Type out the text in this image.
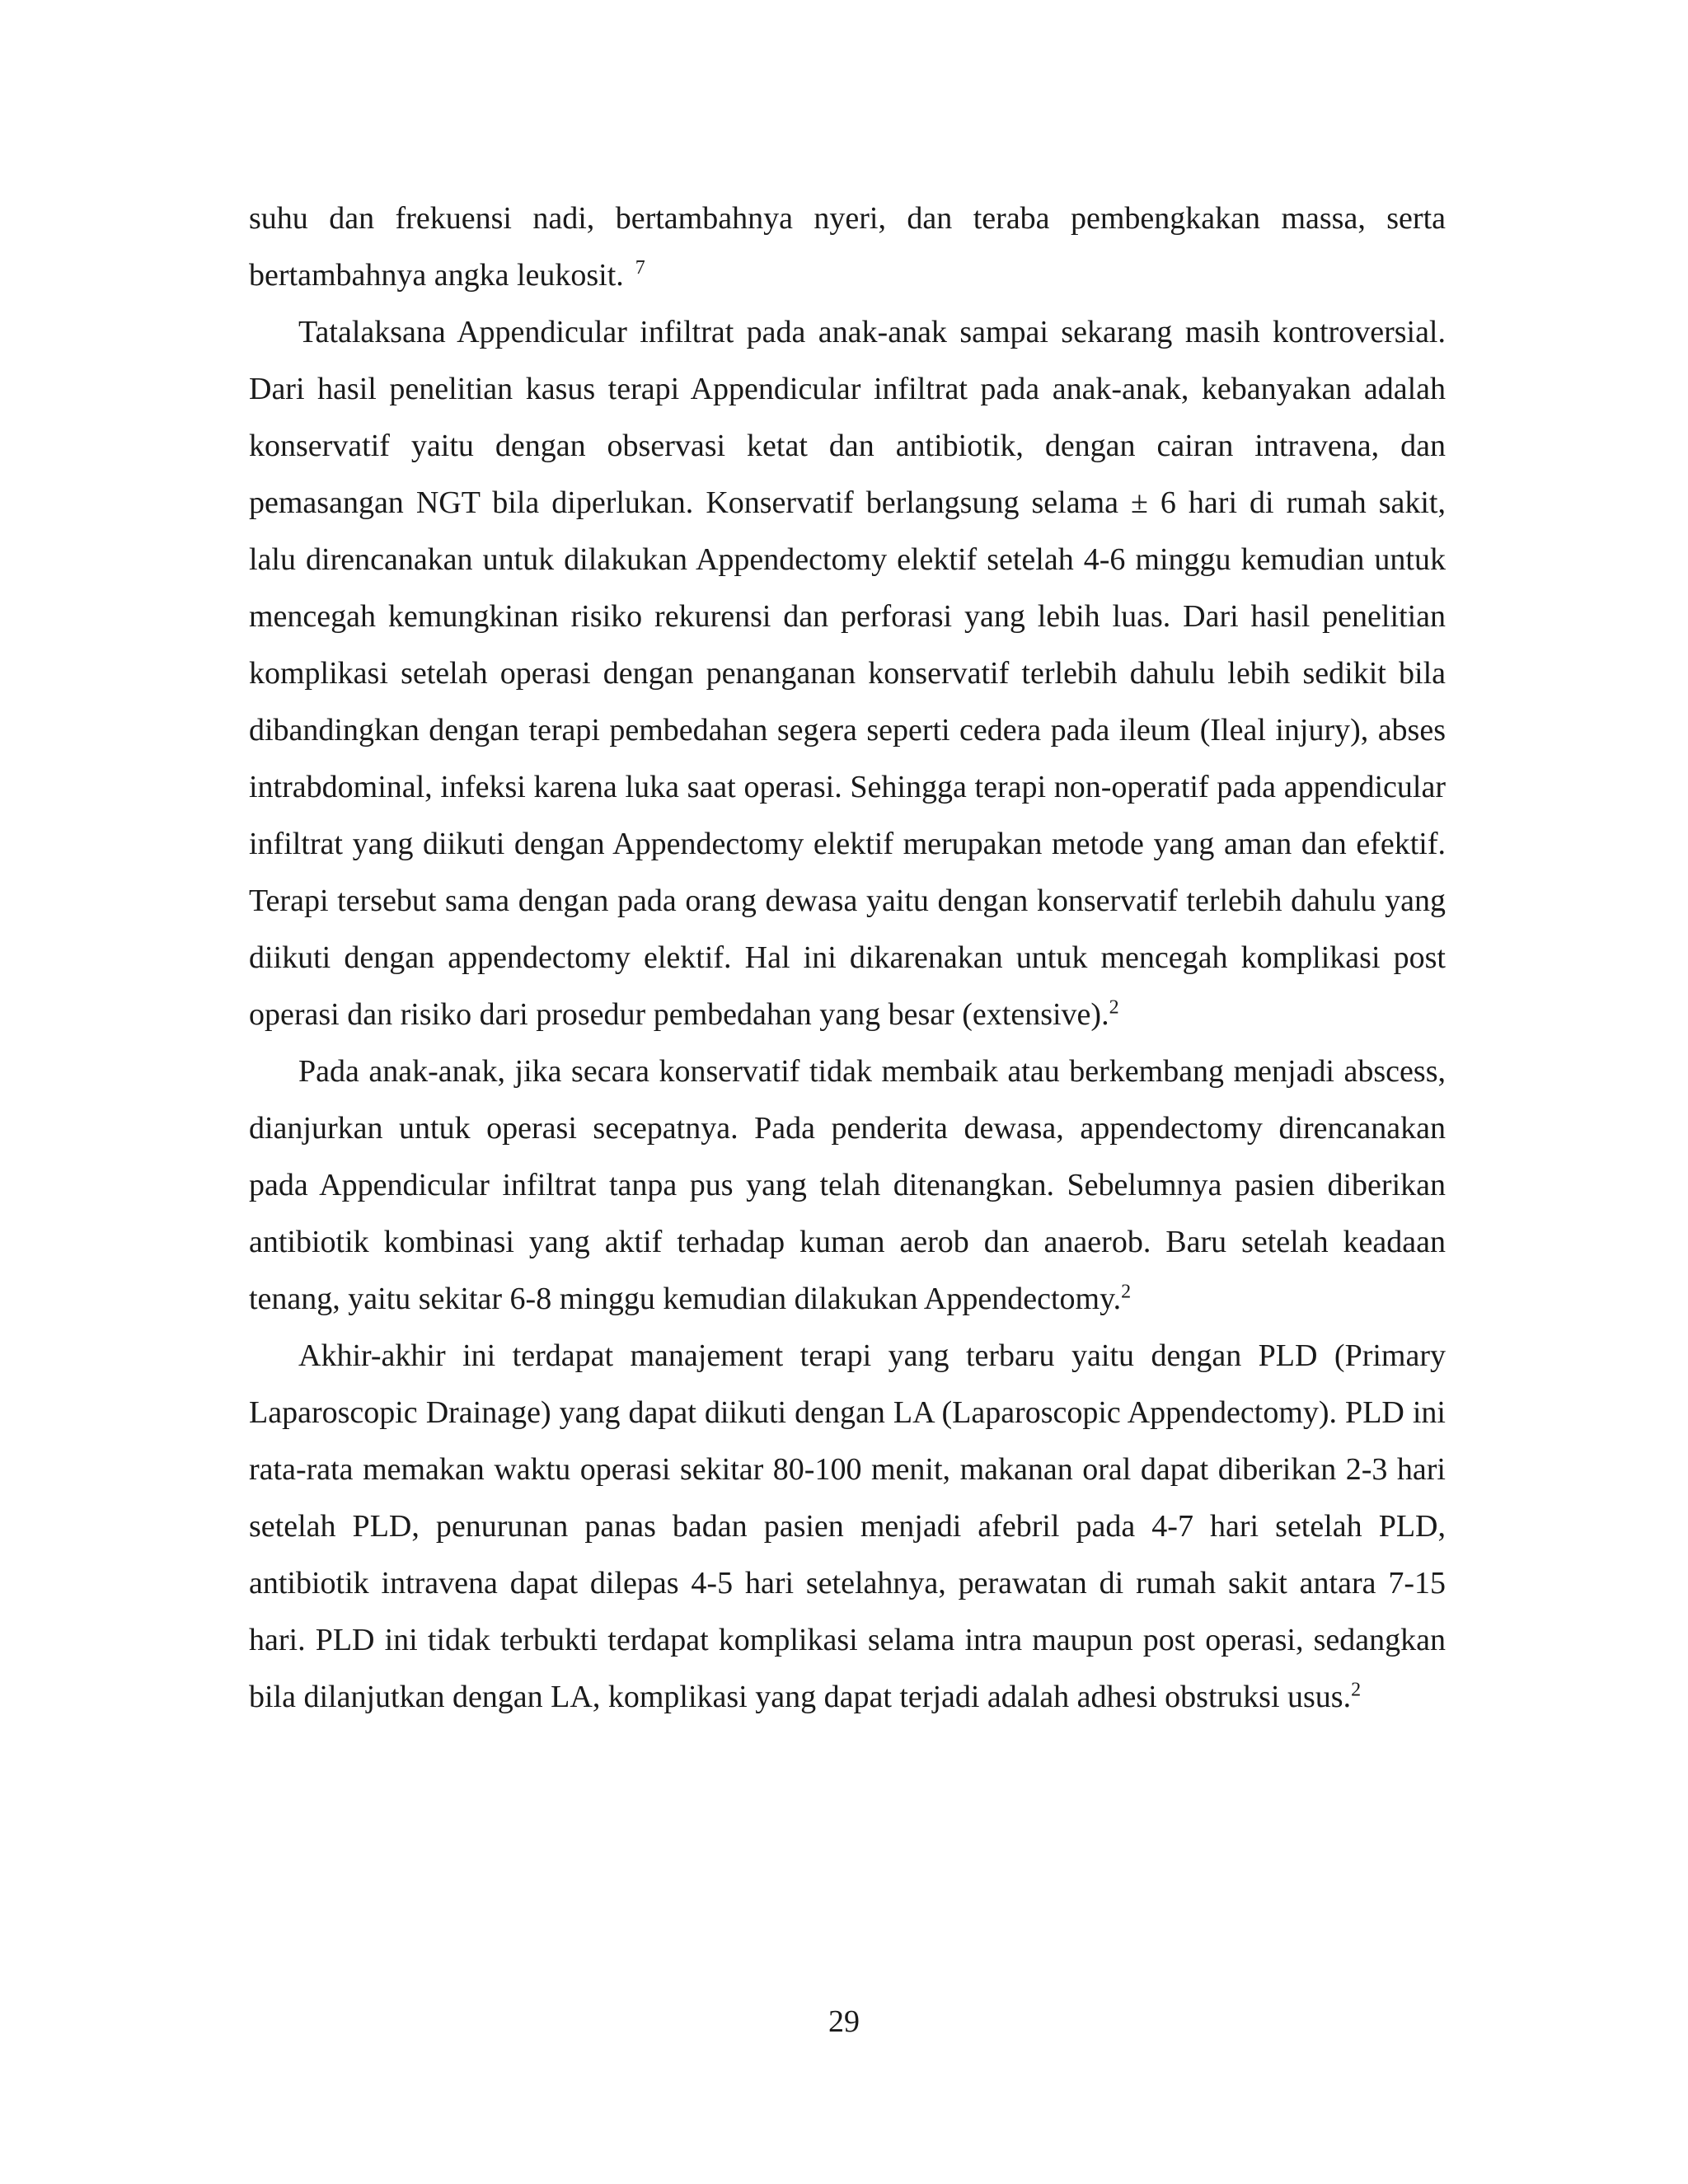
suhu dan frekuensi nadi, bertambahnya nyeri, dan teraba pembengkakan massa, serta bertambahnya angka leukosit. $^7$

Tatalaksana Appendicular infiltrat pada anak-anak sampai sekarang masih kontroversial. Dari hasil penelitian kasus terapi Appendicular infiltrat pada anak-anak, kebanyakan adalah konservatif yaitu dengan observasi ketat dan antibiotik, dengan cairan intravena, dan pemasangan NGT bila diperlukan. Konservatif berlangsung selama ± 6 hari di rumah sakit, lalu direncanakan untuk dilakukan Appendectomy elektif setelah 4-6 minggu kemudian untuk mencegah kemungkinan risiko rekurensi dan perforasi yang lebih luas. Dari hasil penelitian komplikasi setelah operasi dengan penanganan konservatif terlebih dahulu lebih sedikit bila dibandingkan dengan terapi pembedahan segera seperti cedera pada ileum (Ileal injury), abses intrabdominal, infeksi karena luka saat operasi. Sehingga terapi non-operatif pada appendicular infiltrat yang diikuti dengan Appendectomy elektif merupakan metode yang aman dan efektif. Terapi tersebut sama dengan pada orang dewasa yaitu dengan konservatif terlebih dahulu yang diikuti dengan appendectomy elektif. Hal ini dikarenakan untuk mencegah komplikasi post operasi dan risiko dari prosedur pembedahan yang besar (extensive).$^2$

Pada anak-anak, jika secara konservatif tidak membaik atau berkembang menjadi abscess, dianjurkan untuk operasi secepatnya. Pada penderita dewasa, appendectomy direncanakan pada Appendicular infiltrat tanpa pus yang telah ditenangkan. Sebelumnya pasien diberikan antibiotik kombinasi yang aktif terhadap kuman aerob dan anaerob. Baru setelah keadaan tenang, yaitu sekitar 6-8 minggu kemudian dilakukan Appendectomy.$^2$

Akhir-akhir ini terdapat manajement terapi yang terbaru yaitu dengan PLD (Primary Laparoscopic Drainage) yang dapat diikuti dengan LA (Laparoscopic Appendectomy). PLD ini rata-rata memakan waktu operasi sekitar 80-100 menit, makanan oral dapat diberikan 2-3 hari setelah PLD, penurunan panas badan pasien menjadi afebril pada 4-7 hari setelah PLD, antibiotik intravena dapat dilepas 4-5 hari setelahnya, perawatan di rumah sakit antara 7-15 hari. PLD ini tidak terbukti terdapat komplikasi selama intra maupun post operasi, sedangkan bila dilanjutkan dengan LA, komplikasi yang dapat terjadi adalah adhesi obstruksi usus.$^2$

29
